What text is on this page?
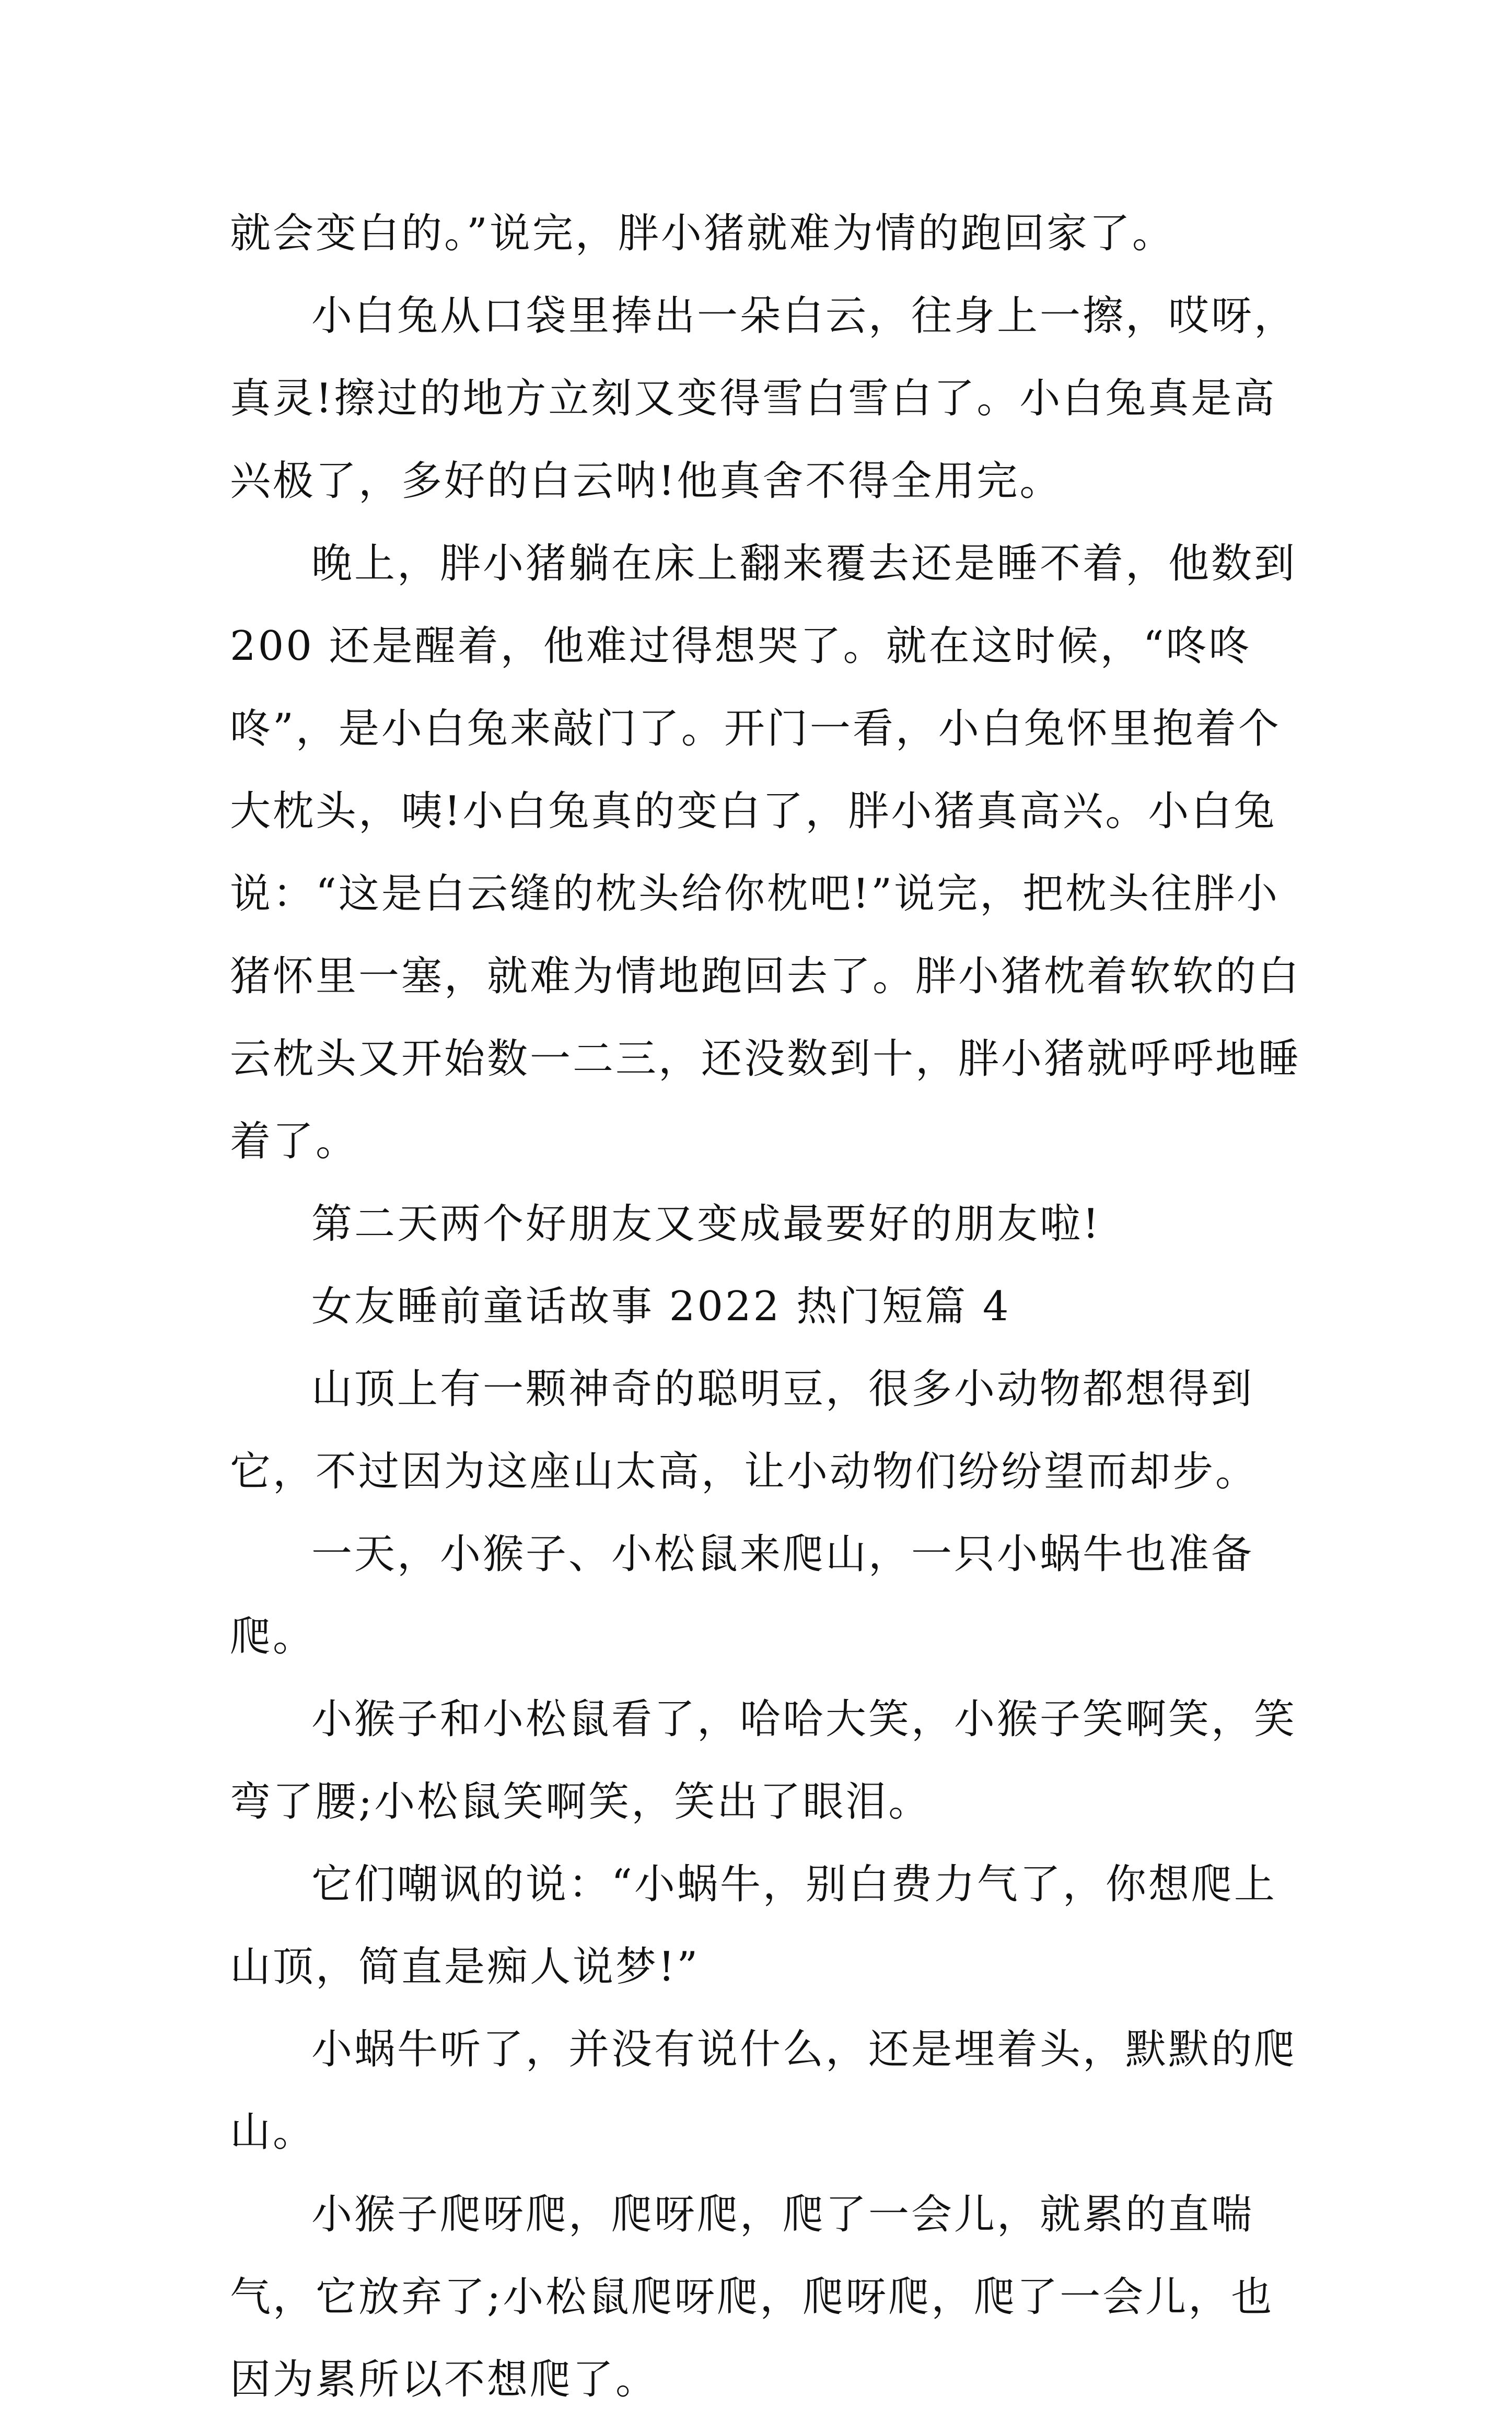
就会变白的。”说完，胖小猪就难为情的跑回家了。

小白兔从口袋里捧出一朵白云，往身上一擦，哎呀，真灵!擦过的地方立刻又变得雪白雪白了。小白兔真是高兴极了，多好的白云呐!他真舍不得全用完。

晚上，胖小猪躺在床上翻来覆去还是睡不着，他数到 200 还是醒着，他难过得想哭了。就在这时候，“咚咚咚”，是小白兔来敲门了。开门一看，小白兔怀里抱着个大枕头，咦!小白兔真的变白了，胖小猪真高兴。小白兔说：“这是白云缝的枕头给你枕吧!”说完，把枕头往胖小猪怀里一塞，就难为情地跑回去了。胖小猪枕着软软的白云枕头又开始数一二三，还没数到十，胖小猪就呼呼地睡着了。

第二天两个好朋友又变成最要好的朋友啦!

女友睡前童话故事 2022 热门短篇 4

山顶上有一颗神奇的聪明豆，很多小动物都想得到它，不过因为这座山太高，让小动物们纷纷望而却步。

一天，小猴子、小松鼠来爬山，一只小蜗牛也准备爬。

小猴子和小松鼠看了，哈哈大笑，小猴子笑啊笑，笑弯了腰;小松鼠笑啊笑，笑出了眼泪。

它们嘲讽的说：“小蜗牛，别白费力气了，你想爬上山顶，简直是痴人说梦!”

小蜗牛听了，并没有说什么，还是埋着头，默默的爬山。

小猴子爬呀爬，爬呀爬，爬了一会儿，就累的直喘气，它放弃了;小松鼠爬呀爬，爬呀爬，爬了一会儿，也因为累所以不想爬了。
